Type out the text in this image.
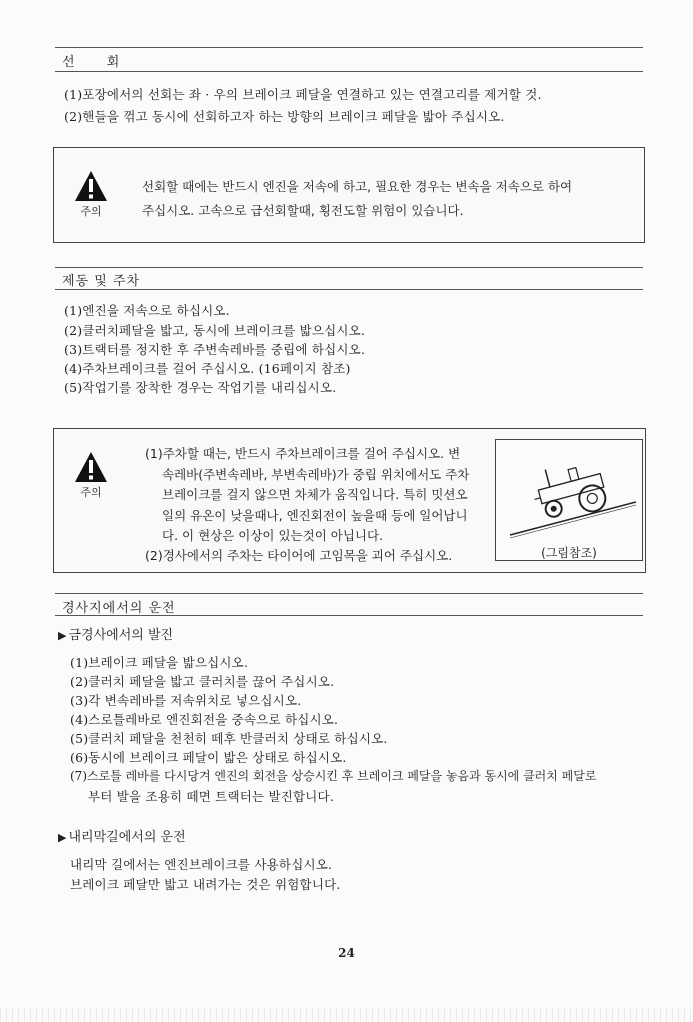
선 회
(1)포장에서의 선회는 좌 · 우의 브레이크 페달을 연결하고 있는 연결고리를 제거할 것.
(2)핸들을 꺾고 동시에 선회하고자 하는 방향의 브레이크 페달을 밟아 주십시오.
주의
선회할 때에는 반드시 엔진을 저속에 하고, 필요한 경우는 변속을 저속으로 하여
주십시오. 고속으로 급선회할때, 횡전도할 위험이 있습니다.
제동 및 주차
(1)엔진을 저속으로 하십시오.
(2)클러치페달을 밟고, 동시에 브레이크를 밟으십시오.
(3)트랙터를 정지한 후 주변속레바를 중립에 하십시오.
(4)주차브레이크를 걸어 주십시오. (16페이지 참조)
(5)작업기를 장착한 경우는 작업기를 내리십시오.
주의
(1)주차할 때는, 반드시 주차브레이크를 걸어 주십시오. 변
속레바(주변속레바, 부변속레바)가 중립 위치에서도 주차
브레이크를 걸지 않으면 차체가 움직입니다. 특히 밋션오
일의 유온이 낮을때나, 엔진회전이 높을때 등에 일어납니
다. 이 현상은 이상이 있는것이 아닙니다.
(2)경사에서의 주차는 타이어에 고임목을 괴어 주십시오.	(그림참조)
경사지에서의 운전
▶ 금경사에서의 발진
(1)브레이크 페달을 밟으십시오.
(2)클러치 페달을 밟고 클러치를 끊어 주십시오.
(3)각 변속레바를 저속위치로 넣으십시오.
(4)스로틀레바로 엔진회전을 중속으로 하십시오.
(5)클러치 페달을 천천히 떼후 반클러치 상태로 하십시오.
(6)동시에 브레이크 페달이 밟은 상태로 하십시오.
(7)스로틀 레바를 다시당겨 엔진의 회전을 상승시킨 후 브레이크 페달을 놓음과 동시에 클러치 페달로
부터 발을 조용히 떼면 트랙터는 발진합니다.
▶ 내리막길에서의 운전
내리막 길에서는 엔진브레이크를 사용하십시오.
브레이크 페달만 밟고 내려가는 것은 위험합니다.
24
